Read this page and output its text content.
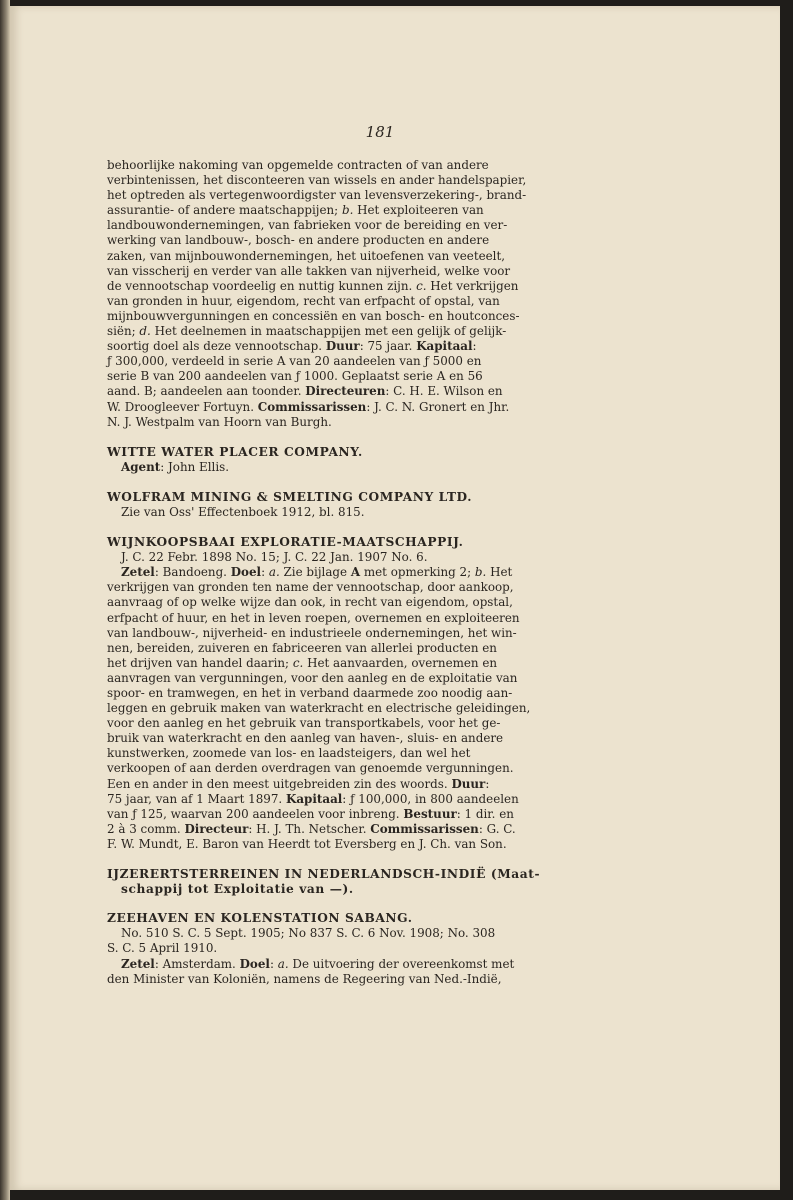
181
behoorlijke nakoming van opgemelde contracten of van andere
verbintenissen, het disconteeren van wissels en ander handelspapier,
het optreden als vertegenwoordigster van levensverzekering-, brand-
assurantie- of andere maatschappijen; b. Het exploiteeren van
landbouwondernemingen, van fabrieken voor de bereiding en ver-
werking van landbouw-, bosch- en andere producten en andere
zaken, van mijnbouwondernemingen, het uitoefenen van veeteelt,
van visscherij en verder van alle takken van nijverheid, welke voor
de vennootschap voordeelig en nuttig kunnen zijn. c. Het verkrijgen
van gronden in huur, eigendom, recht van erfpacht of opstal, van
mijnbouwvergunningen en concessiën en van bosch- en houtconces-
siën; d. Het deelnemen in maatschappijen met een gelijk of gelijk-
soortig doel als deze vennootschap. Duur: 75 jaar. Kapitaal:
ƒ 300,000, verdeeld in serie A van 20 aandeelen van ƒ 5000 en
serie B van 200 aandeelen van ƒ 1000. Geplaatst serie A en 56
aand. B; aandeelen aan toonder. Directeuren: C. H. E. Wilson en
W. Droogleever Fortuyn. Commissarissen: J. C. N. Gronert en Jhr.
N. J. Westpalm van Hoorn van Burgh.
WITTE WATER PLACER COMPANY.
Agent: John Ellis.
WOLFRAM MINING & SMELTING COMPANY LTD.
Zie van Oss' Effectenboek 1912, bl. 815.
WIJNKOOPSBAAI EXPLORATIE-MAATSCHAPPIJ.
J. C. 22 Febr. 1898 No. 15; J. C. 22 Jan. 1907 No. 6.
Zetel: Bandoeng. Doel: a. Zie bijlage A met opmerking 2; b. Het
verkrijgen van gronden ten name der vennootschap, door aankoop,
aanvraag of op welke wijze dan ook, in recht van eigendom, opstal,
erfpacht of huur, en het in leven roepen, overnemen en exploiteeren
van landbouw-, nijverheid- en industrieele ondernemingen, het win-
nen, bereiden, zuiveren en fabriceeren van allerlei producten en
het drijven van handel daarin; c. Het aanvaarden, overnemen en
aanvragen van vergunningen, voor den aanleg en de exploitatie van
spoor- en tramwegen, en het in verband daarmede zoo noodig aan-
leggen en gebruik maken van waterkracht en electrische geleidingen,
voor den aanleg en het gebruik van transportkabels, voor het ge-
bruik van waterkracht en den aanleg van haven-, sluis- en andere
kunstwerken, zoomede van los- en laadsteigers, dan wel het
verkoopen of aan derden overdragen van genoemde vergunningen.
Een en ander in den meest uitgebreiden zin des woords. Duur:
75 jaar, van af 1 Maart 1897. Kapitaal: ƒ 100,000, in 800 aandeelen
van ƒ 125, waarvan 200 aandeelen voor inbreng. Bestuur: 1 dir. en
2 à 3 comm. Directeur: H. J. Th. Netscher. Commissarissen: G. C.
F. W. Mundt, E. Baron van Heerdt tot Eversberg en J. Ch. van Son.
IJZERERTSTERREINEN IN NEDERLANDSCH-INDIË (Maat-
schappij tot Exploitatie van —).
ZEEHAVEN EN KOLENSTATION SABANG.
No. 510 S. C. 5 Sept. 1905; No 837 S. C. 6 Nov. 1908; No. 308
S. C. 5 April 1910.
Zetel: Amsterdam. Doel: a. De uitvoering der overeenkomst met
den Minister van Koloniën, namens de Regeering van Ned.-Indië,
